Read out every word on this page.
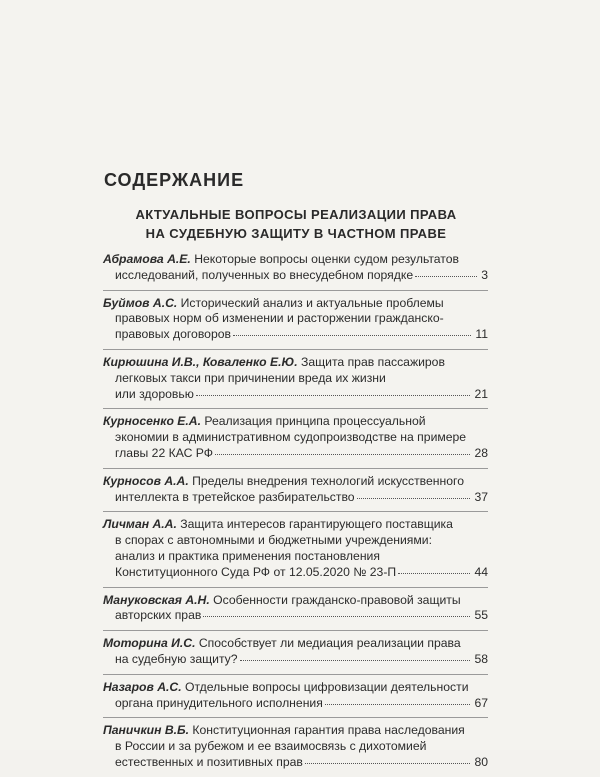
СОДЕРЖАНИЕ
АКТУАЛЬНЫЕ ВОПРОСЫ РЕАЛИЗАЦИИ ПРАВА
НА СУДЕБНУЮ ЗАЩИТУ В ЧАСТНОМ ПРАВЕ
Абрамова А.Е. Некоторые вопросы оценки судом результатов
исследований, полученных во внесудебном порядке	3
Буймов А.С. Исторический анализ и актуальные проблемы
правовых норм об изменении и расторжении гражданско-
правовых договоров	11
Кирюшина И.В., Коваленко Е.Ю. Защита прав пассажиров
легковых такси при причинении вреда их жизни
или здоровью	21
Курносенко Е.А. Реализация принципа процессуальной
экономии в административном судопроизводстве на примере
главы 22 КАС РФ	28
Курносов А.А. Пределы внедрения технологий искусственного
интеллекта в третейское разбирательство	37
Личман А.А. Защита интересов гарантирующего поставщика
в спорах с автономными и бюджетными учреждениями:
анализ и практика применения постановления
Конституционного Суда РФ от 12.05.2020 № 23-П	44
Мануковская А.Н. Особенности гражданско-правовой защиты
авторских прав	55
Моторина И.С. Способствует ли медиация реализации права
на судебную защиту?	58
Назаров А.С. Отдельные вопросы цифровизации деятельности
органа принудительного исполнения	67
Паничкин В.Б. Конституционная гарантия права наследования
в России и за рубежом и ее взаимосвязь с дихотомией
естественных и позитивных прав	80
